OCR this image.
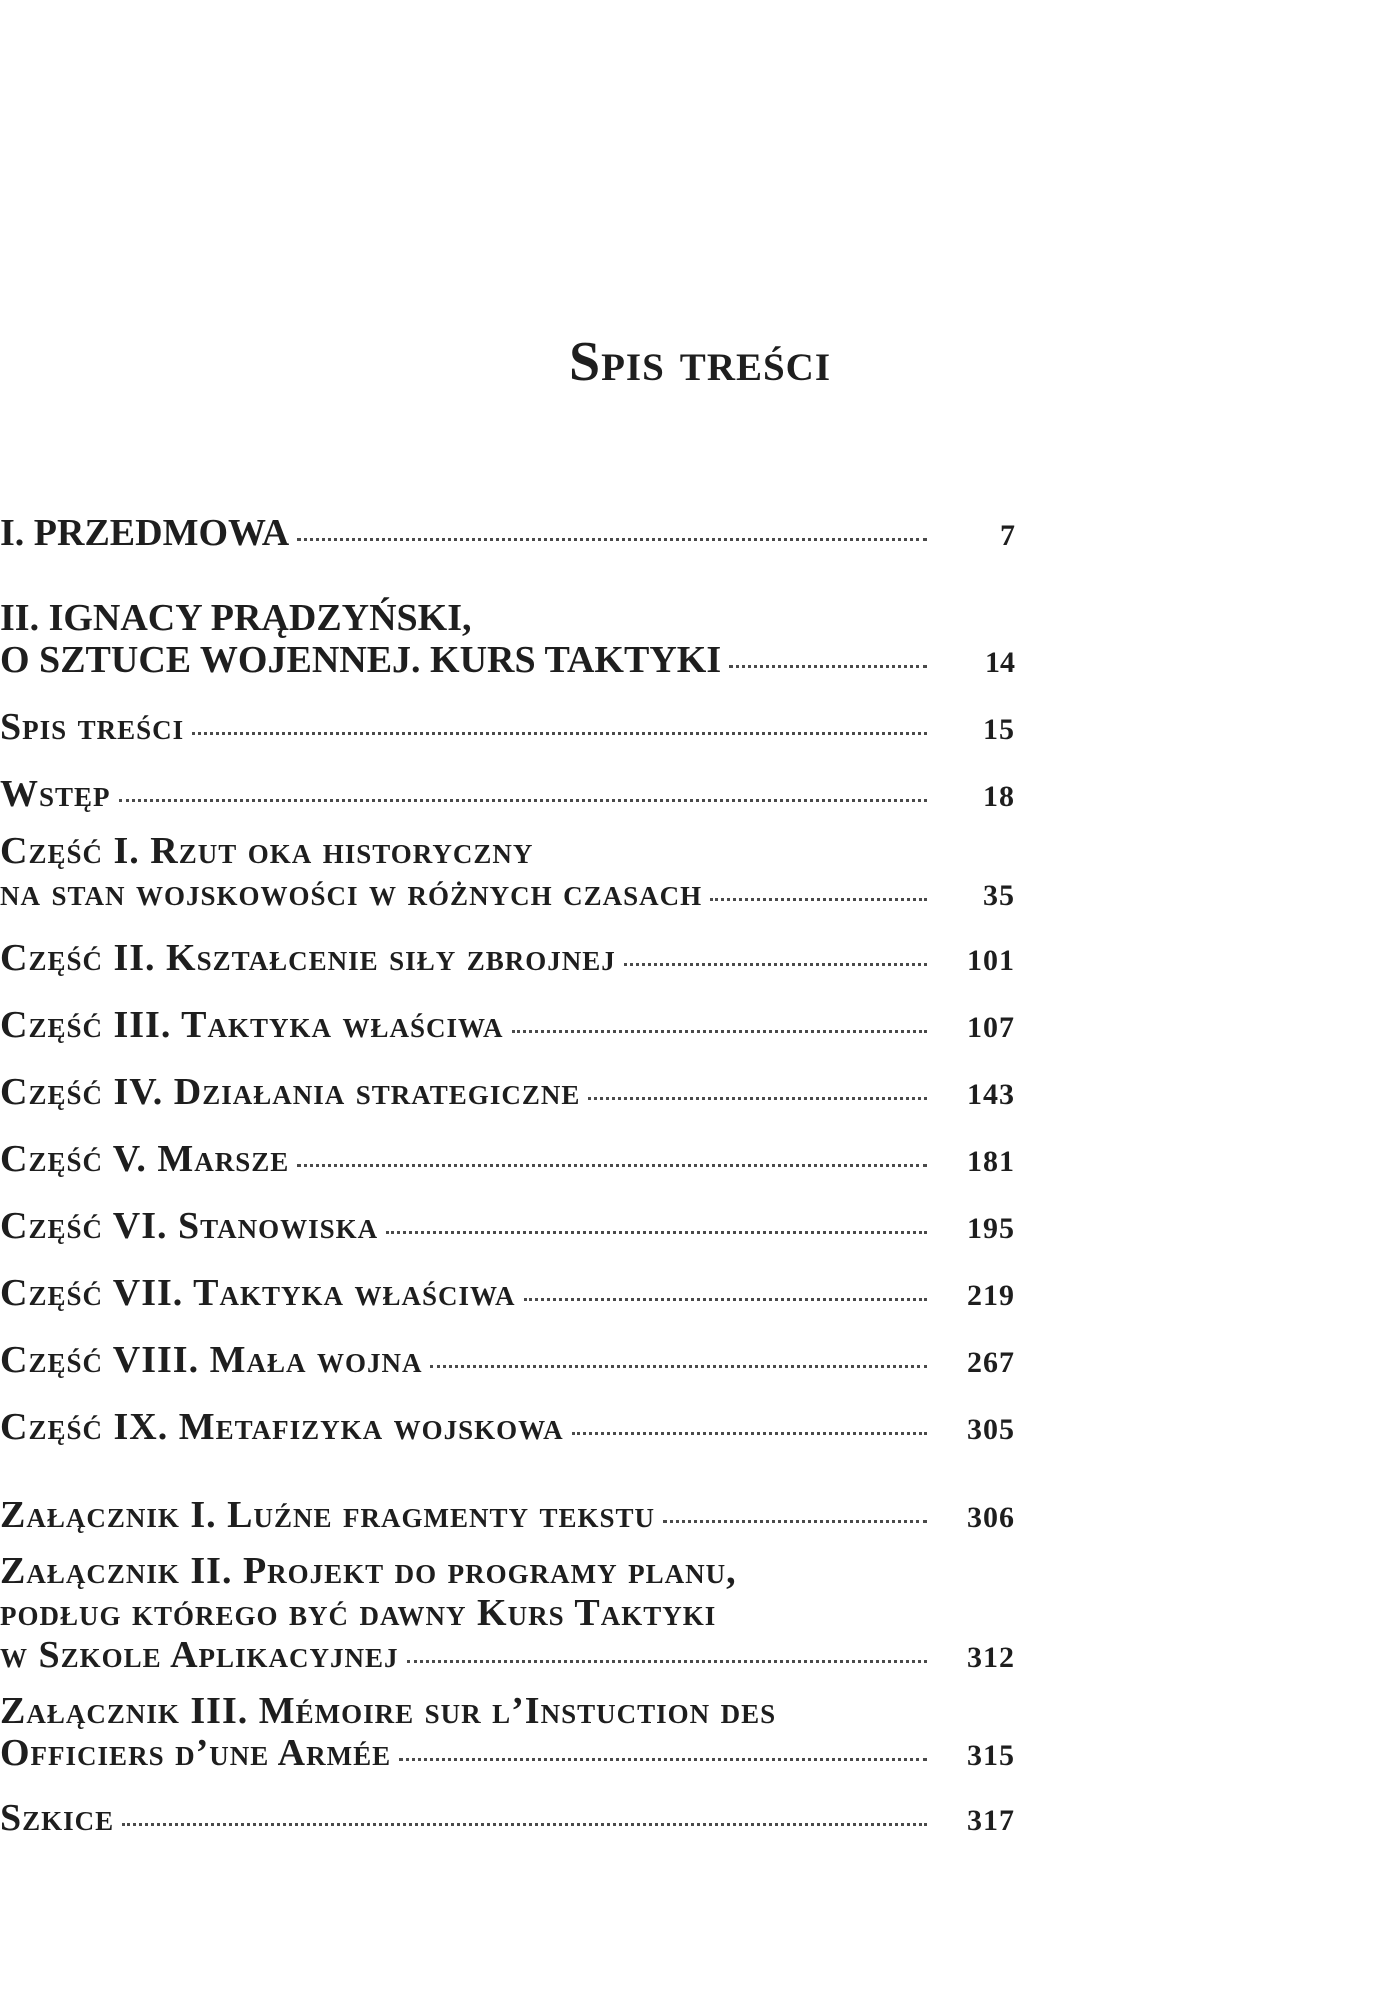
Spis treści
I. PRZEDMOWA	7
II. IGNACY PRĄDZYŃSKI,
O SZTUCE WOJENNEJ. KURS TAKTYKI	14
Spis treści	15
Wstęp	18
Część I. Rzut oka historyczny
na stan wojskowości w różnych czasach	35
Część II. Kształcenie siły zbrojnej	101
Część III. Taktyka właściwa	107
Część IV. Działania strategiczne	143
Część V. Marsze	181
Część VI. Stanowiska	195
Część VII. Taktyka właściwa	219
Część VIII. Mała wojna	267
Część IX. Metafizyka wojskowa	305
Załącznik I. Luźne fragmenty tekstu	306
Załącznik II. Projekt do programy planu,
podług którego być dawny Kurs Taktyki
w Szkole Aplikacyjnej	312
Załącznik III. Mémoire sur l’Instuction des
Officiers d’une Armée	315
Szkice	317
